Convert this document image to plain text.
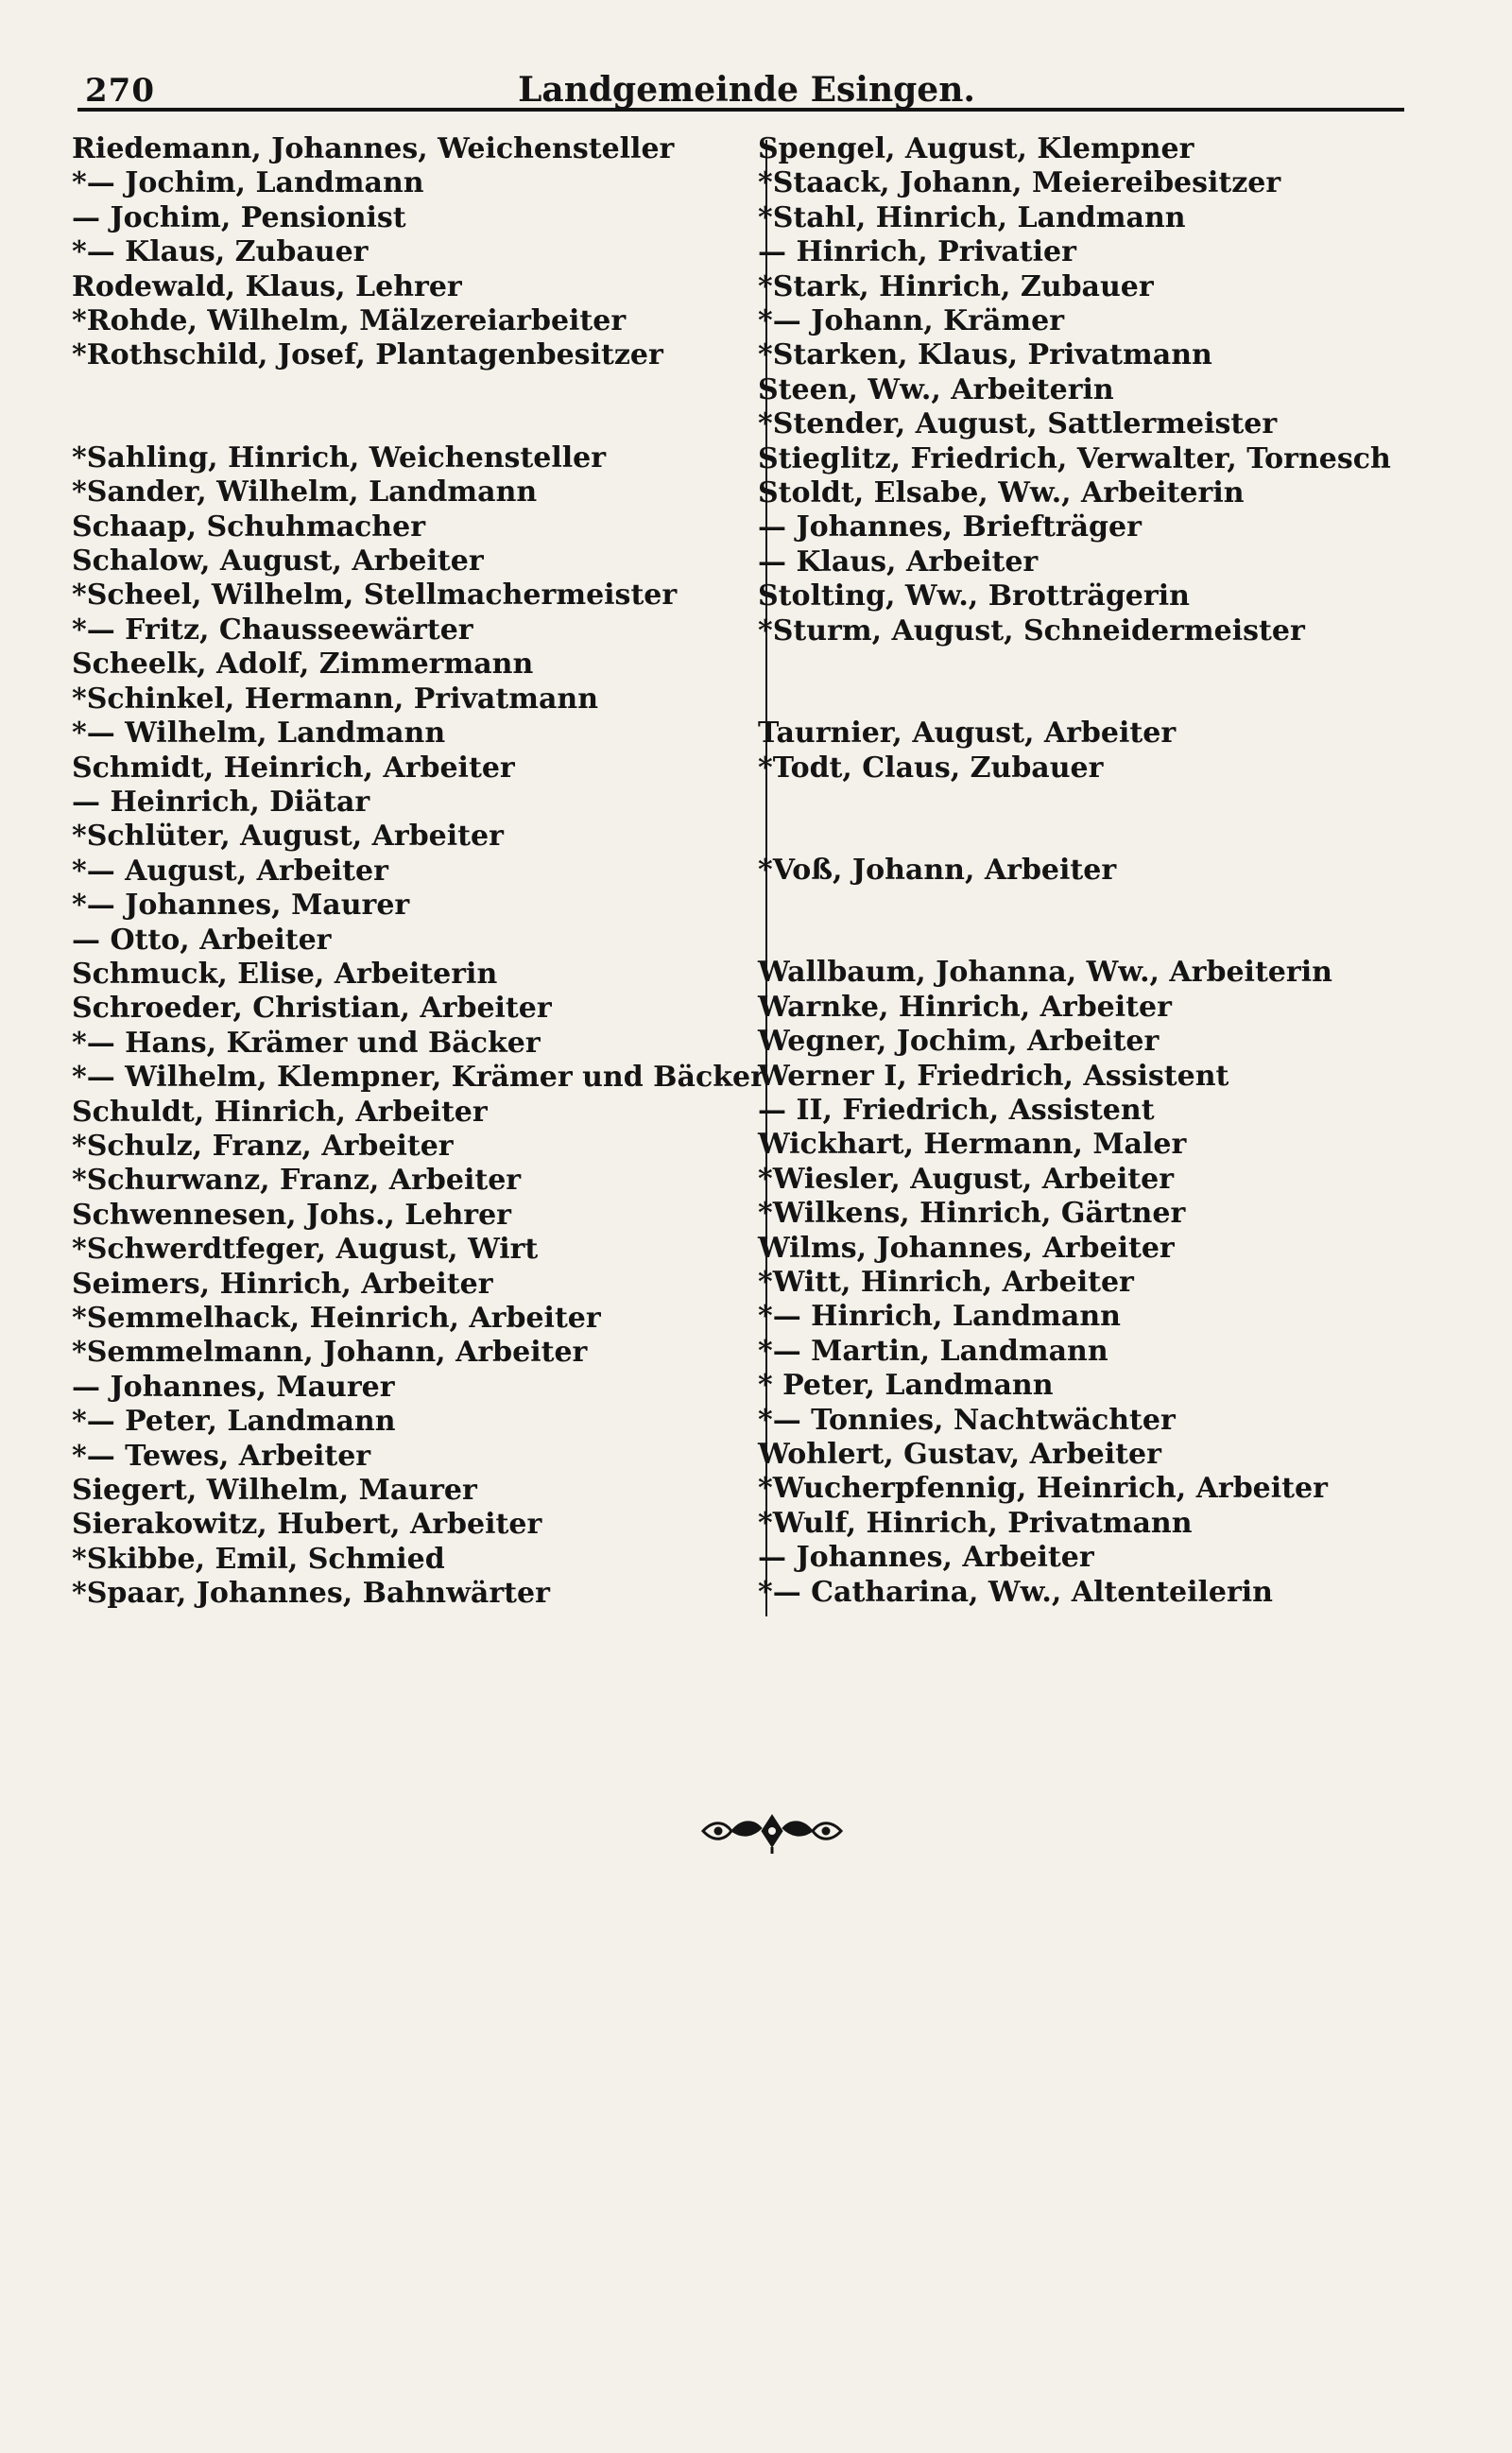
270	Landgemeinde Esingen.
Riedemann, Johannes, Weichensteller
*— Jochim, Landmann
— Jochim, Pensionist
*— Klaus, Zubauer
Rodewald, Klaus, Lehrer
*Rohde, Wilhelm, Mälzereiarbeiter
*Rothschild, Josef, Plantagenbesitzer
*Sahling, Hinrich, Weichensteller
*Sander, Wilhelm, Landmann
Schaap, Schuhmacher
Schalow, August, Arbeiter
*Scheel, Wilhelm, Stellmachermeister
*— Fritz, Chausseewärter
Scheelk, Adolf, Zimmermann
*Schinkel, Hermann, Privatmann
*— Wilhelm, Landmann
Schmidt, Heinrich, Arbeiter
— Heinrich, Diätar
*Schlüter, August, Arbeiter
*— August, Arbeiter
*— Johannes, Maurer
— Otto, Arbeiter
Schmuck, Elise, Arbeiterin
Schroeder, Christian, Arbeiter
*— Hans, Krämer und Bäcker
*— Wilhelm, Klempner, Krämer und Bäcker
Schuldt, Hinrich, Arbeiter
*Schulz, Franz, Arbeiter
*Schurwanz, Franz, Arbeiter
Schwennesen, Johs., Lehrer
*Schwerdtfeger, August, Wirt
Seimers, Hinrich, Arbeiter
*Semmelhack, Heinrich, Arbeiter
*Semmelmann, Johann, Arbeiter
— Johannes, Maurer
*— Peter, Landmann
*— Tewes, Arbeiter
Siegert, Wilhelm, Maurer
Sierakowitz, Hubert, Arbeiter
*Skibbe, Emil, Schmied
*Spaar, Johannes, Bahnwärter
Spengel, August, Klempner
*Staack, Johann, Meiereibesitzer
*Stahl, Hinrich, Landmann
— Hinrich, Privatier
*Stark, Hinrich, Zubauer
*— Johann, Krämer
*Starken, Klaus, Privatmann
Steen, Ww., Arbeiterin
*Stender, August, Sattlermeister
Stieglitz, Friedrich, Verwalter, Tornesch
Stoldt, Elsabe, Ww., Arbeiterin
— Johannes, Briefträger
— Klaus, Arbeiter
Stolting, Ww., Brotträgerin
*Sturm, August, Schneidermeister
Taurnier, August, Arbeiter
*Todt, Claus, Zubauer
*Voß, Johann, Arbeiter
Wallbaum, Johanna, Ww., Arbeiterin
Warnke, Hinrich, Arbeiter
Wegner, Jochim, Arbeiter
Werner I, Friedrich, Assistent
— II, Friedrich, Assistent
Wickhart, Hermann, Maler
*Wiesler, August, Arbeiter
*Wilkens, Hinrich, Gärtner
Wilms, Johannes, Arbeiter
*Witt, Hinrich, Arbeiter
*— Hinrich, Landmann
*— Martin, Landmann
* Peter, Landmann
*— Tonnies, Nachtwächter
Wohlert, Gustav, Arbeiter
*Wucherpfennig, Heinrich, Arbeiter
*Wulf, Hinrich, Privatmann
— Johannes, Arbeiter
*— Catharina, Ww., Altenteilerin
